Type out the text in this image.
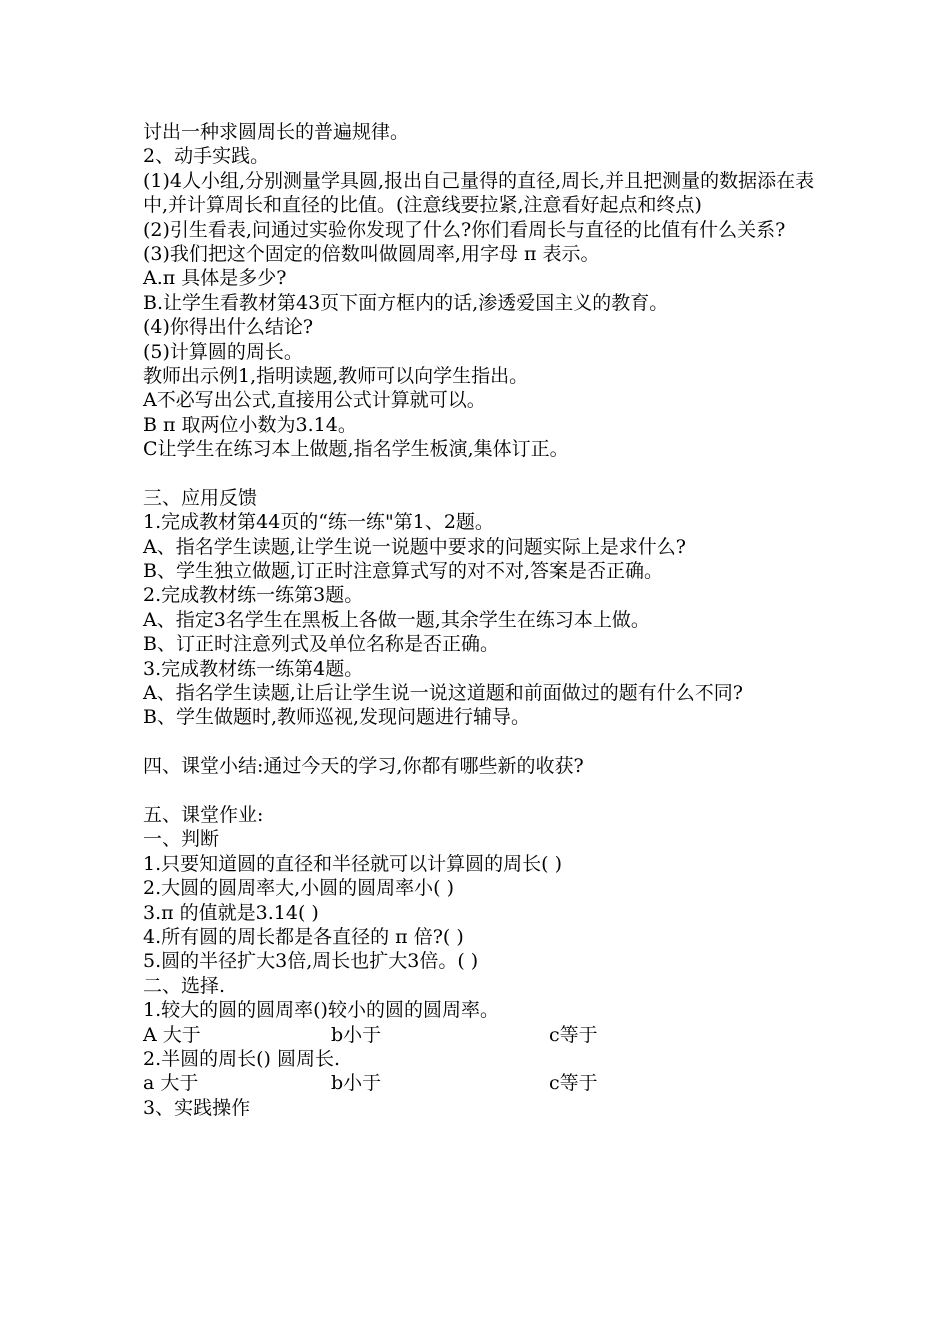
讨出一种求圆周长的普遍规律。
2、动手实践。
(1)4人小组,分别测量学具圆,报出自己量得的直径,周长,并且把测量的数据添在表中,并计算周长和直径的比值。(注意线要拉紧,注意看好起点和终点)
(2)引生看表,问通过实验你发现了什么?你们看周长与直径的比值有什么关系?
(3)我们把这个固定的倍数叫做圆周率,用字母 π 表示。
A.π 具体是多少?
B.让学生看教材第43页下面方框内的话,渗透爱国主义的教育。
(4)你得出什么结论?
(5)计算圆的周长。
教师出示例1,指明读题,教师可以向学生指出。
A不必写出公式,直接用公式计算就可以。
B π 取两位小数为3.14。
C让学生在练习本上做题,指名学生板演,集体订正。
三、应用反馈
1.完成教材第44页的“练一练"第1、2题。
A、指名学生读题,让学生说一说题中要求的问题实际上是求什么?
B、学生独立做题,订正时注意算式写的对不对,答案是否正确。
2.完成教材练一练第3题。
A、指定3名学生在黑板上各做一题,其余学生在练习本上做。
B、订正时注意列式及单位名称是否正确。
3.完成教材练一练第4题。
A、指名学生读题,让后让学生说一说这道题和前面做过的题有什么不同?
B、学生做题时,教师巡视,发现问题进行辅导。
四、课堂小结:通过今天的学习,你都有哪些新的收获?
五、课堂作业:
一、判断
1.只要知道圆的直径和半径就可以计算圆的周长( )
2.大圆的圆周率大,小圆的圆周率小( )
3.π 的值就是3.14( )
4.所有圆的周长都是各直径的 π 倍?( )
5.圆的半径扩大3倍,周长也扩大3倍。( )
二、选择.
1.较大的圆的圆周率()较小的圆的圆周率。
A 大于	b小于	c等于
2.半圆的周长() 圆周长.
a 大于	b小于	c等于
3、实践操作
